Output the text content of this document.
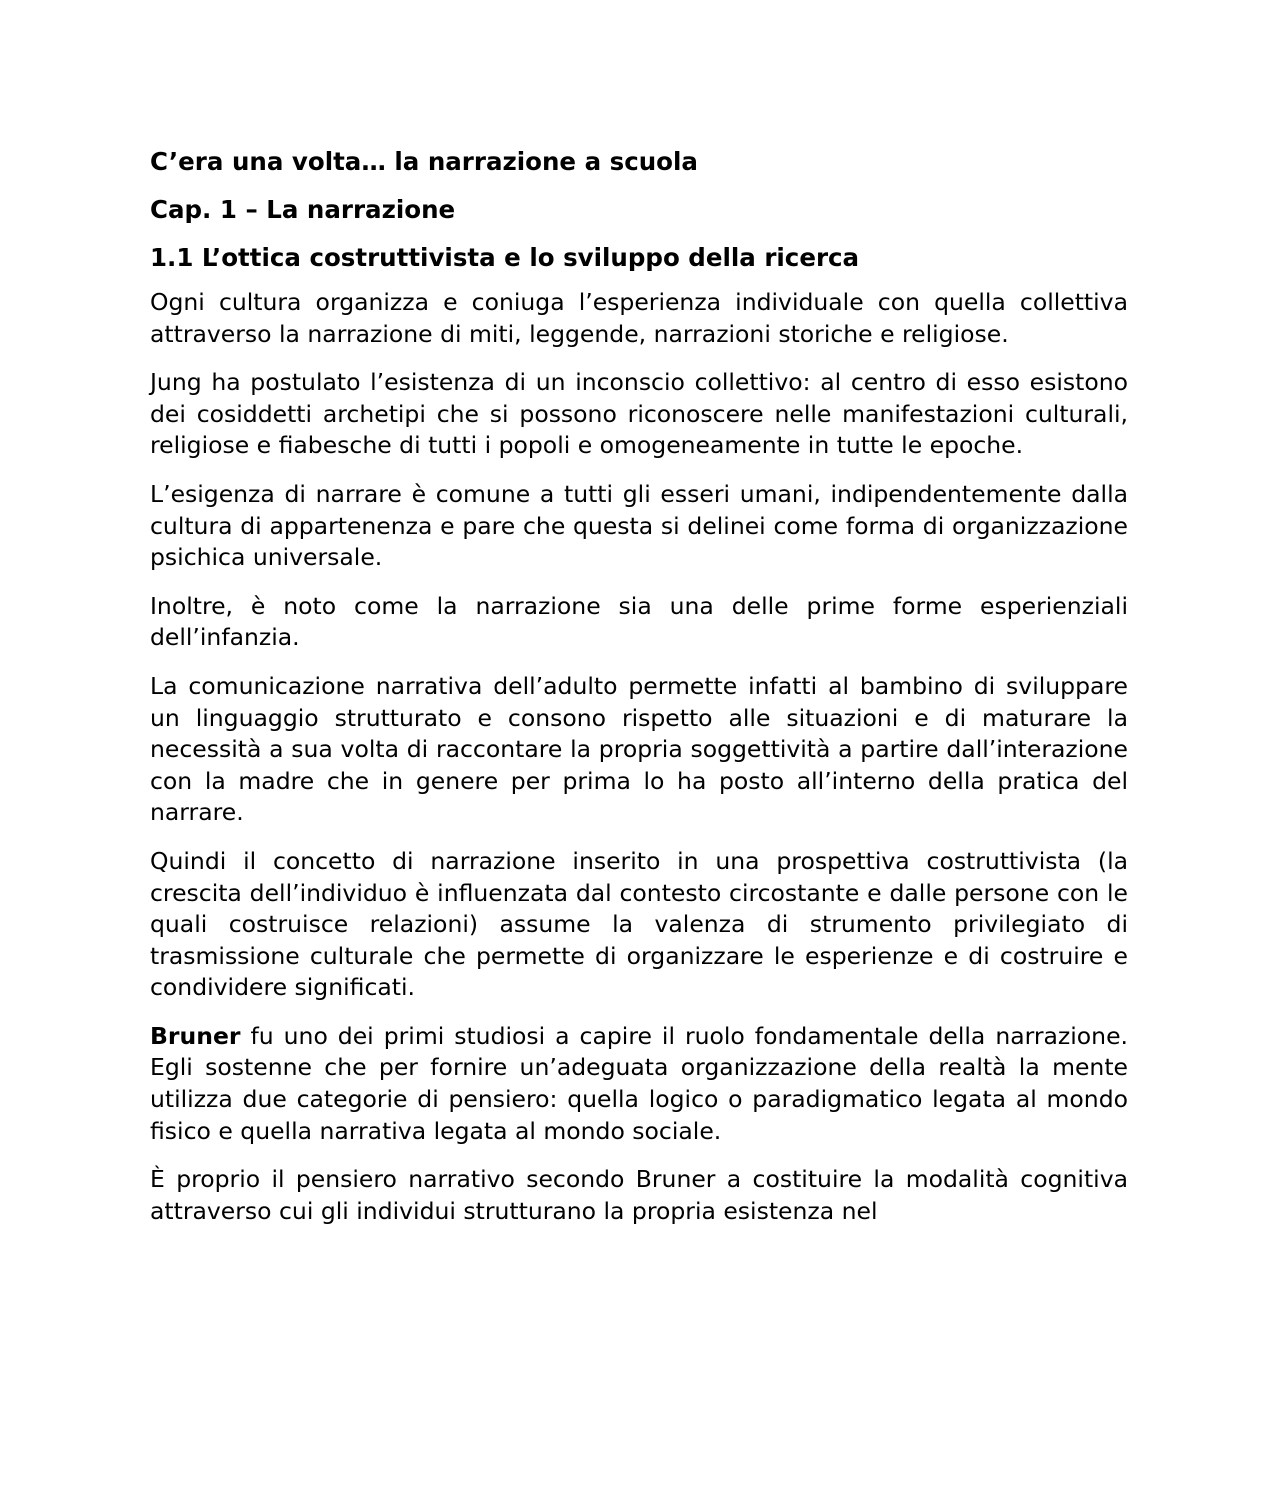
C’era una volta… la narrazione a scuola
Cap. 1 – La narrazione
1.1 L’ottica costruttivista e lo sviluppo della ricerca

Ogni cultura organizza e coniuga l’esperienza individuale con quella collettiva attraverso la narrazione di miti, leggende, narrazioni storiche e religiose.

Jung ha postulato l’esistenza di un inconscio collettivo: al centro di esso esistono dei cosiddetti archetipi che si possono riconoscere nelle manifestazioni culturali, religiose e fiabesche di tutti i popoli e omogeneamente in tutte le epoche.

L’esigenza di narrare è comune a tutti gli esseri umani, indipendentemente dalla cultura di appartenenza e pare che questa si delinei come forma di organizzazione psichica universale.

Inoltre, è noto come la narrazione sia una delle prime forme esperienziali dell’infanzia.

La comunicazione narrativa dell’adulto permette infatti al bambino di sviluppare un linguaggio strutturato e consono rispetto alle situazioni e di maturare la necessità a sua volta di raccontare la propria soggettività a partire dall’interazione con la madre che in genere per prima lo ha posto all’interno della pratica del narrare.

Quindi il concetto di narrazione inserito in una prospettiva costruttivista (la crescita dell’individuo è influenzata dal contesto circostante e dalle persone con le quali costruisce relazioni) assume la valenza di strumento privilegiato di trasmissione culturale che permette di organizzare le esperienze e di costruire e condividere significati.

Bruner fu uno dei primi studiosi a capire il ruolo fondamentale della narrazione. Egli sostenne che per fornire un’adeguata organizzazione della realtà la mente utilizza due categorie di pensiero: quella logico o paradigmatico legata al mondo fisico e quella narrativa legata al mondo sociale.

È proprio il pensiero narrativo secondo Bruner a costituire la modalità cognitiva attraverso cui gli individui strutturano la propria esistenza nel
